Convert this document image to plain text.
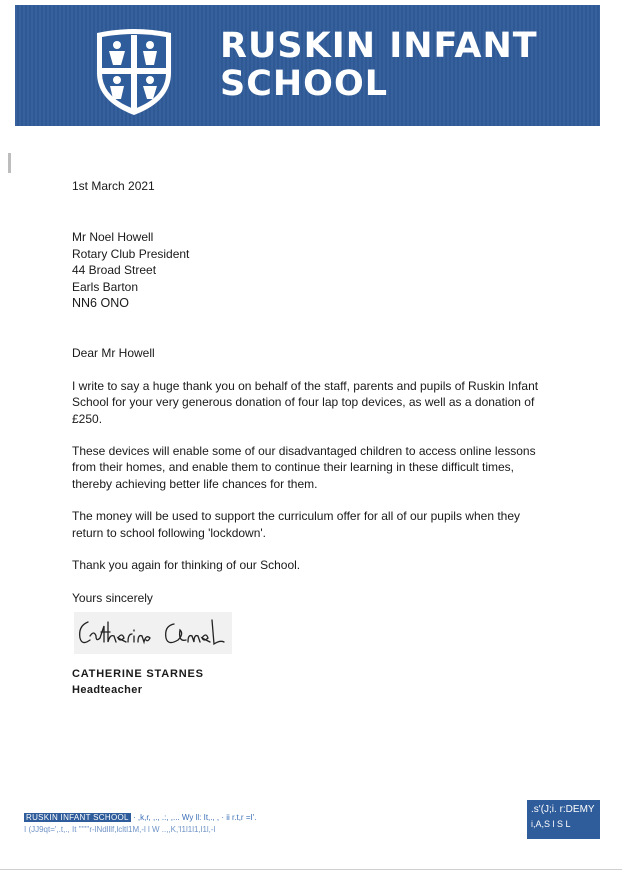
RUSKIN INFANT
SCHOOL

1st March 2021

Mr Noel Howell

Rotary Club President

44 Broad Street

Earls Barton

NN6 ONO

Dear Mr Howell

I write to say a huge thank you on behalf of the staff, parents and pupils of Ruskin Infant School for your very generous donation of four lap top devices, as well as a donation of £250.

These devices will enable some of our disadvantaged children to access online lessons from their homes, and enable them to continue their learning in these difficult times, thereby achieving better life chances for them.

The money will be used to support the curriculum offer for all of our pupils when they return to school following 'lockdown'.

Thank you again for thinking of our School.

Yours sincerely

CATHERINE STARNES

Headteacher

RUSKIN INFANT SCHOOL · ,k,r, ,., .:, ,... Wy ll: It,., , · ii r.t,r =I'.
I (JJ9qt=',.t,., It '''''''r-lNdlllf,lcltl1M,-l l W ..,,K,'l1l1l1,l1l,-l
.s'(J;i. r:DEMY
i,A,S l S L
